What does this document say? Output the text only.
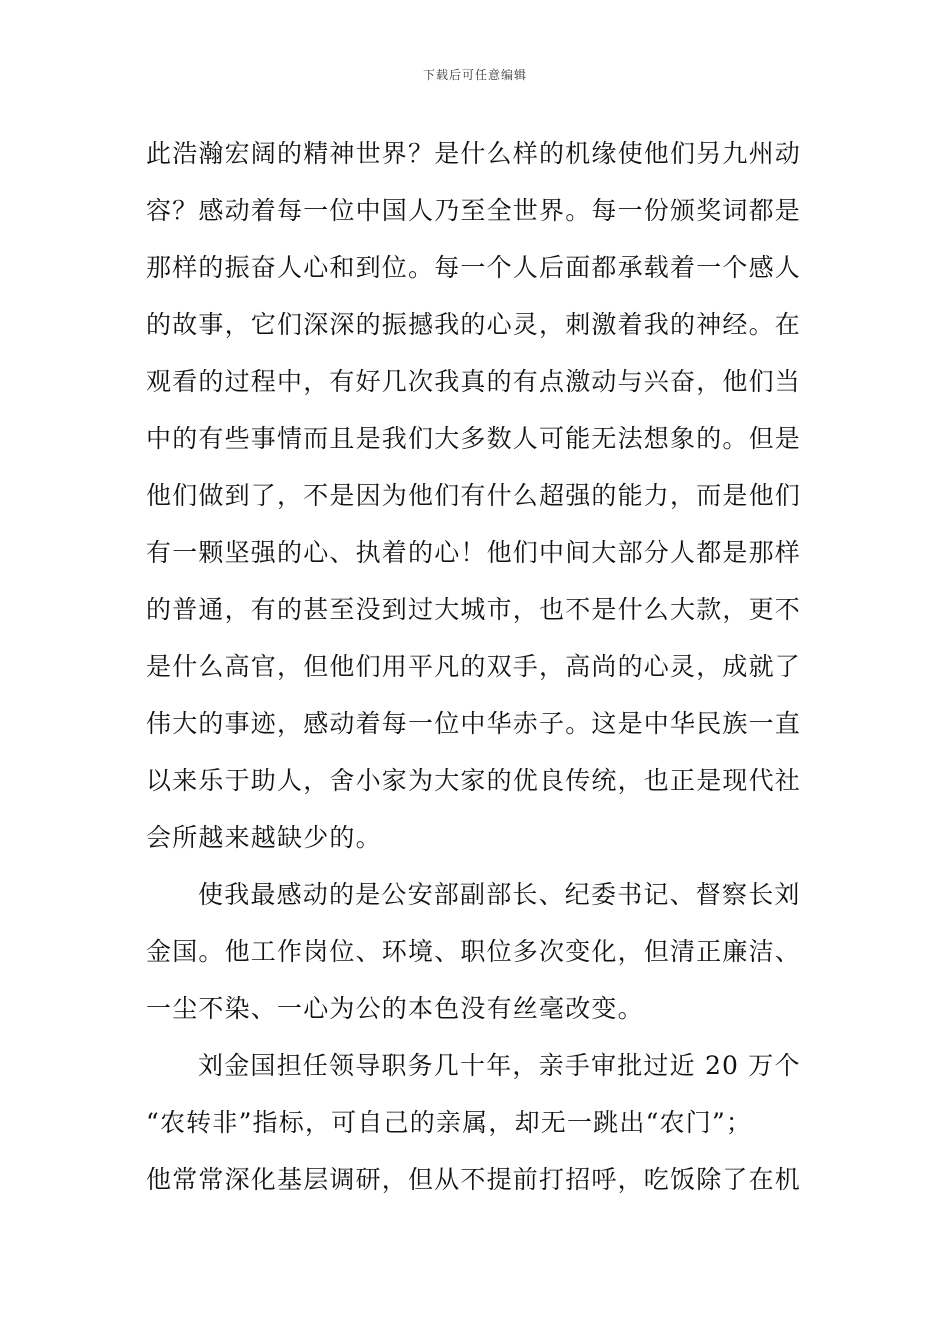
下载后可任意编辑
此浩瀚宏阔的精神世界？是什么样的机缘使他们另九州动
容？感动着每一位中国人乃至全世界。每一份颁奖词都是
那样的振奋人心和到位。每一个人后面都承载着一个感人
的故事，它们深深的振撼我的心灵，刺激着我的神经。在
观看的过程中，有好几次我真的有点激动与兴奋，他们当
中的有些事情而且是我们大多数人可能无法想象的。但是
他们做到了，不是因为他们有什么超强的能力，而是他们
有一颗坚强的心、执着的心！他们中间大部分人都是那样
的普通，有的甚至没到过大城市，也不是什么大款，更不
是什么高官，但他们用平凡的双手，高尚的心灵，成就了
伟大的事迹，感动着每一位中华赤子。这是中华民族一直
以来乐于助人，舍小家为大家的优良传统，也正是现代社
会所越来越缺少的。
使我最感动的是公安部副部长、纪委书记、督察长刘
金国。他工作岗位、环境、职位多次变化，但清正廉洁、
一尘不染、一心为公的本色没有丝毫改变。
刘金国担任领导职务几十年，亲手审批过近 20 万个
“农转非”指标，可自己的亲属，却无一跳出“农门”；
他常常深化基层调研，但从不提前打招呼，吃饭除了在机
